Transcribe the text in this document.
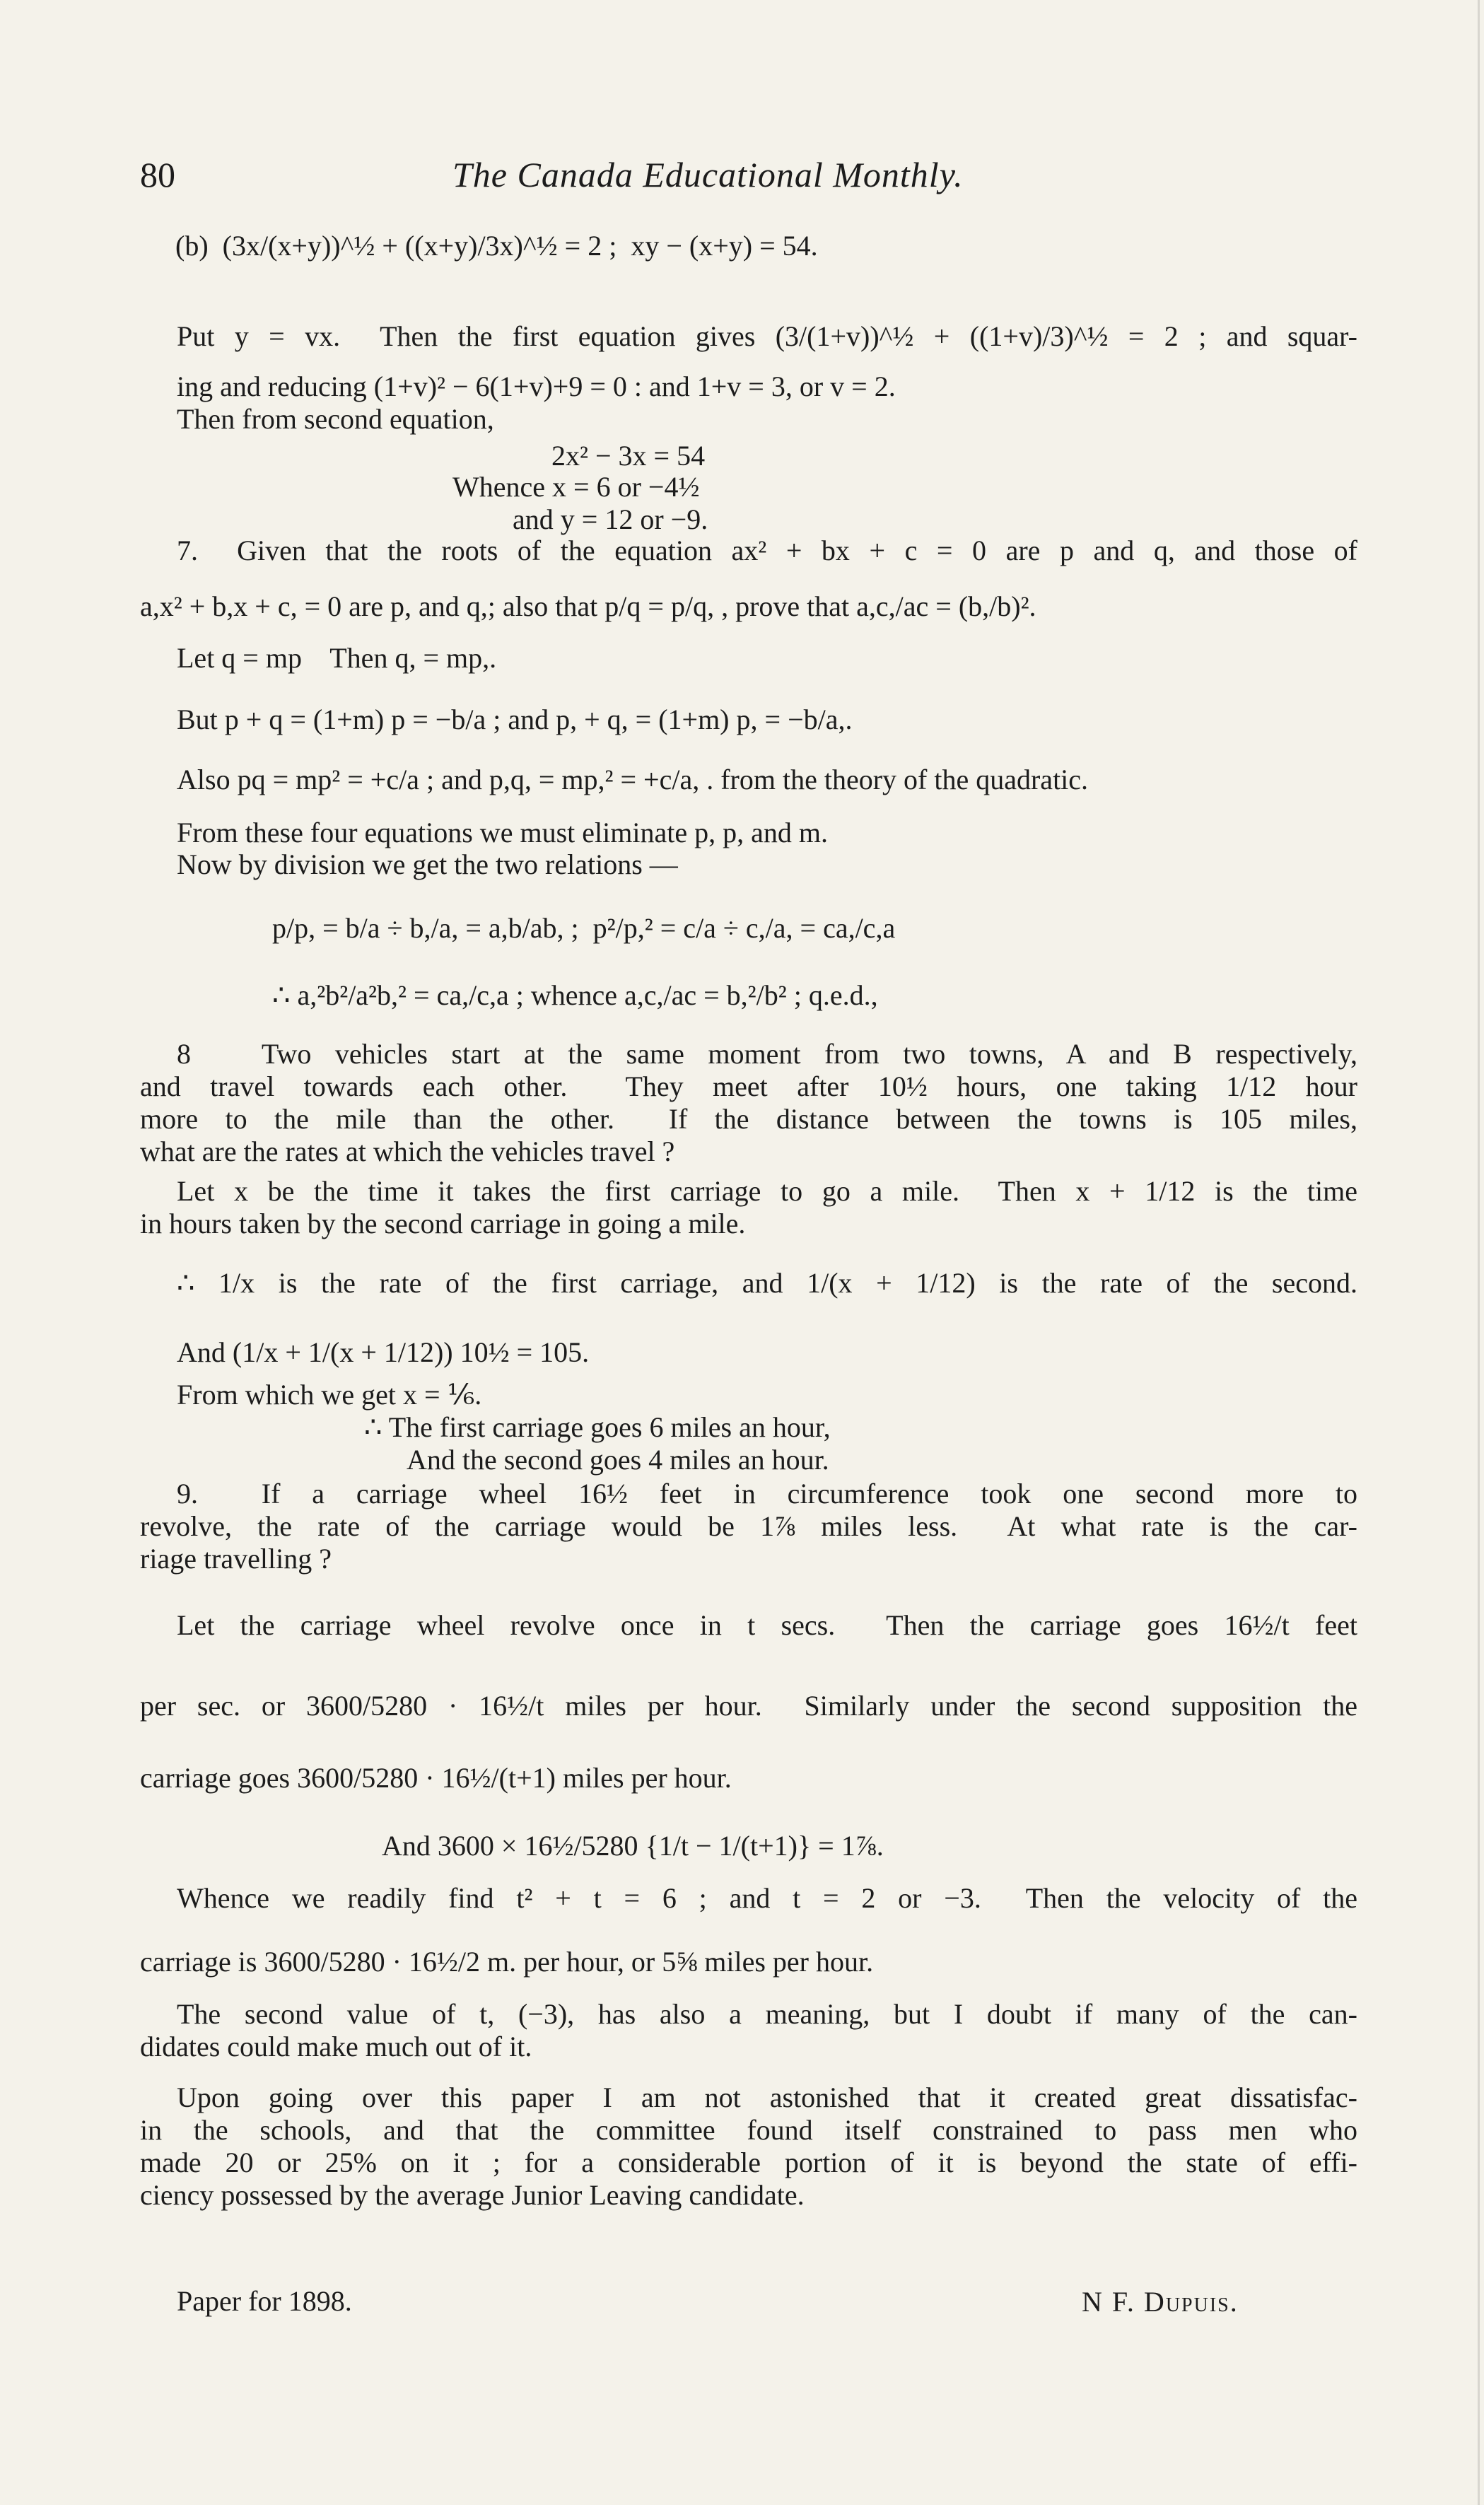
80	The Canada Educational Monthly.
(b)  (3x/(x+y))^½ + ((x+y)/3x)^½ = 2 ;  xy − (x+y) = 54.
Put y = vx.  Then the first equation gives (3/(1+v))^½ + ((1+v)/3)^½ = 2 ; and squar-
ing and reducing (1+v)² − 6(1+v)+9 = 0 : and 1+v = 3, or v = 2.
Then from second equation,
2x² − 3x = 54
Whence x = 6 or −4½
and y = 12 or −9.
7.  Given that the roots of the equation ax² + bx + c = 0 are p and q, and those of
a,x² + b,x + c, = 0 are p, and q,; also that p/q = p/q, , prove that a,c,/ac = (b,/b)².
Let q = mp    Then q, = mp,.
But p + q = (1+m) p = −b/a ; and p, + q, = (1+m) p, = −b/a,.
Also pq = mp² = +c/a ; and p,q, = mp,² = +c/a, . from the theory of the quadratic.
From these four equations we must eliminate p, p, and m.
Now by division we get the two relations —
p/p, = b/a ÷ b,/a, = a,b/ab, ;  p²/p,² = c/a ÷ c,/a, = ca,/c,a
∴ a,²b²/a²b,² = ca,/c,a ; whence a,c,/ac = b,²/b² ; q.e.d.,
8   Two vehicles start at the same moment from two towns, A and B respectively,
and travel towards each other.  They meet after 10½ hours, one taking 1/12 hour
more to the mile than the other.  If the distance between the towns is 105 miles,
what are the rates at which the vehicles travel ?
Let x be the time it takes the first carriage to go a mile.  Then x + 1/12 is the time
in hours taken by the second carriage in going a mile.
∴ 1/x is the rate of the first carriage, and 1/(x + 1/12) is the rate of the second.
And (1/x + 1/(x + 1/12)) 10½ = 105.
From which we get x = ⅙.
∴ The first carriage goes 6 miles an hour,
And the second goes 4 miles an hour.
9.  If a carriage wheel 16½ feet in circumference took one second more to
revolve, the rate of the carriage would be 1⅞ miles less.  At what rate is the car-
riage travelling ?
Let the carriage wheel revolve once in t secs.  Then the carriage goes 16½/t feet
per sec. or 3600/5280 · 16½/t miles per hour.  Similarly under the second supposition the
carriage goes 3600/5280 · 16½/(t+1) miles per hour.
And 3600 × 16½/5280 {1/t − 1/(t+1)} = 1⅞.
Whence we readily find t² + t = 6 ; and t = 2 or −3.  Then the velocity of the
carriage is 3600/5280 · 16½/2 m. per hour, or 5⅝ miles per hour.
The second value of t, (−3), has also a meaning, but I doubt if many of the can-
didates could make much out of it.
Upon going over this paper I am not astonished that it created great dissatisfac-
in the schools, and that the committee found itself constrained to pass men who
made 20 or 25% on it ; for a considerable portion of it is beyond the state of effi-
ciency possessed by the average Junior Leaving candidate.
Paper for 1898.	N F. Dupuis.
